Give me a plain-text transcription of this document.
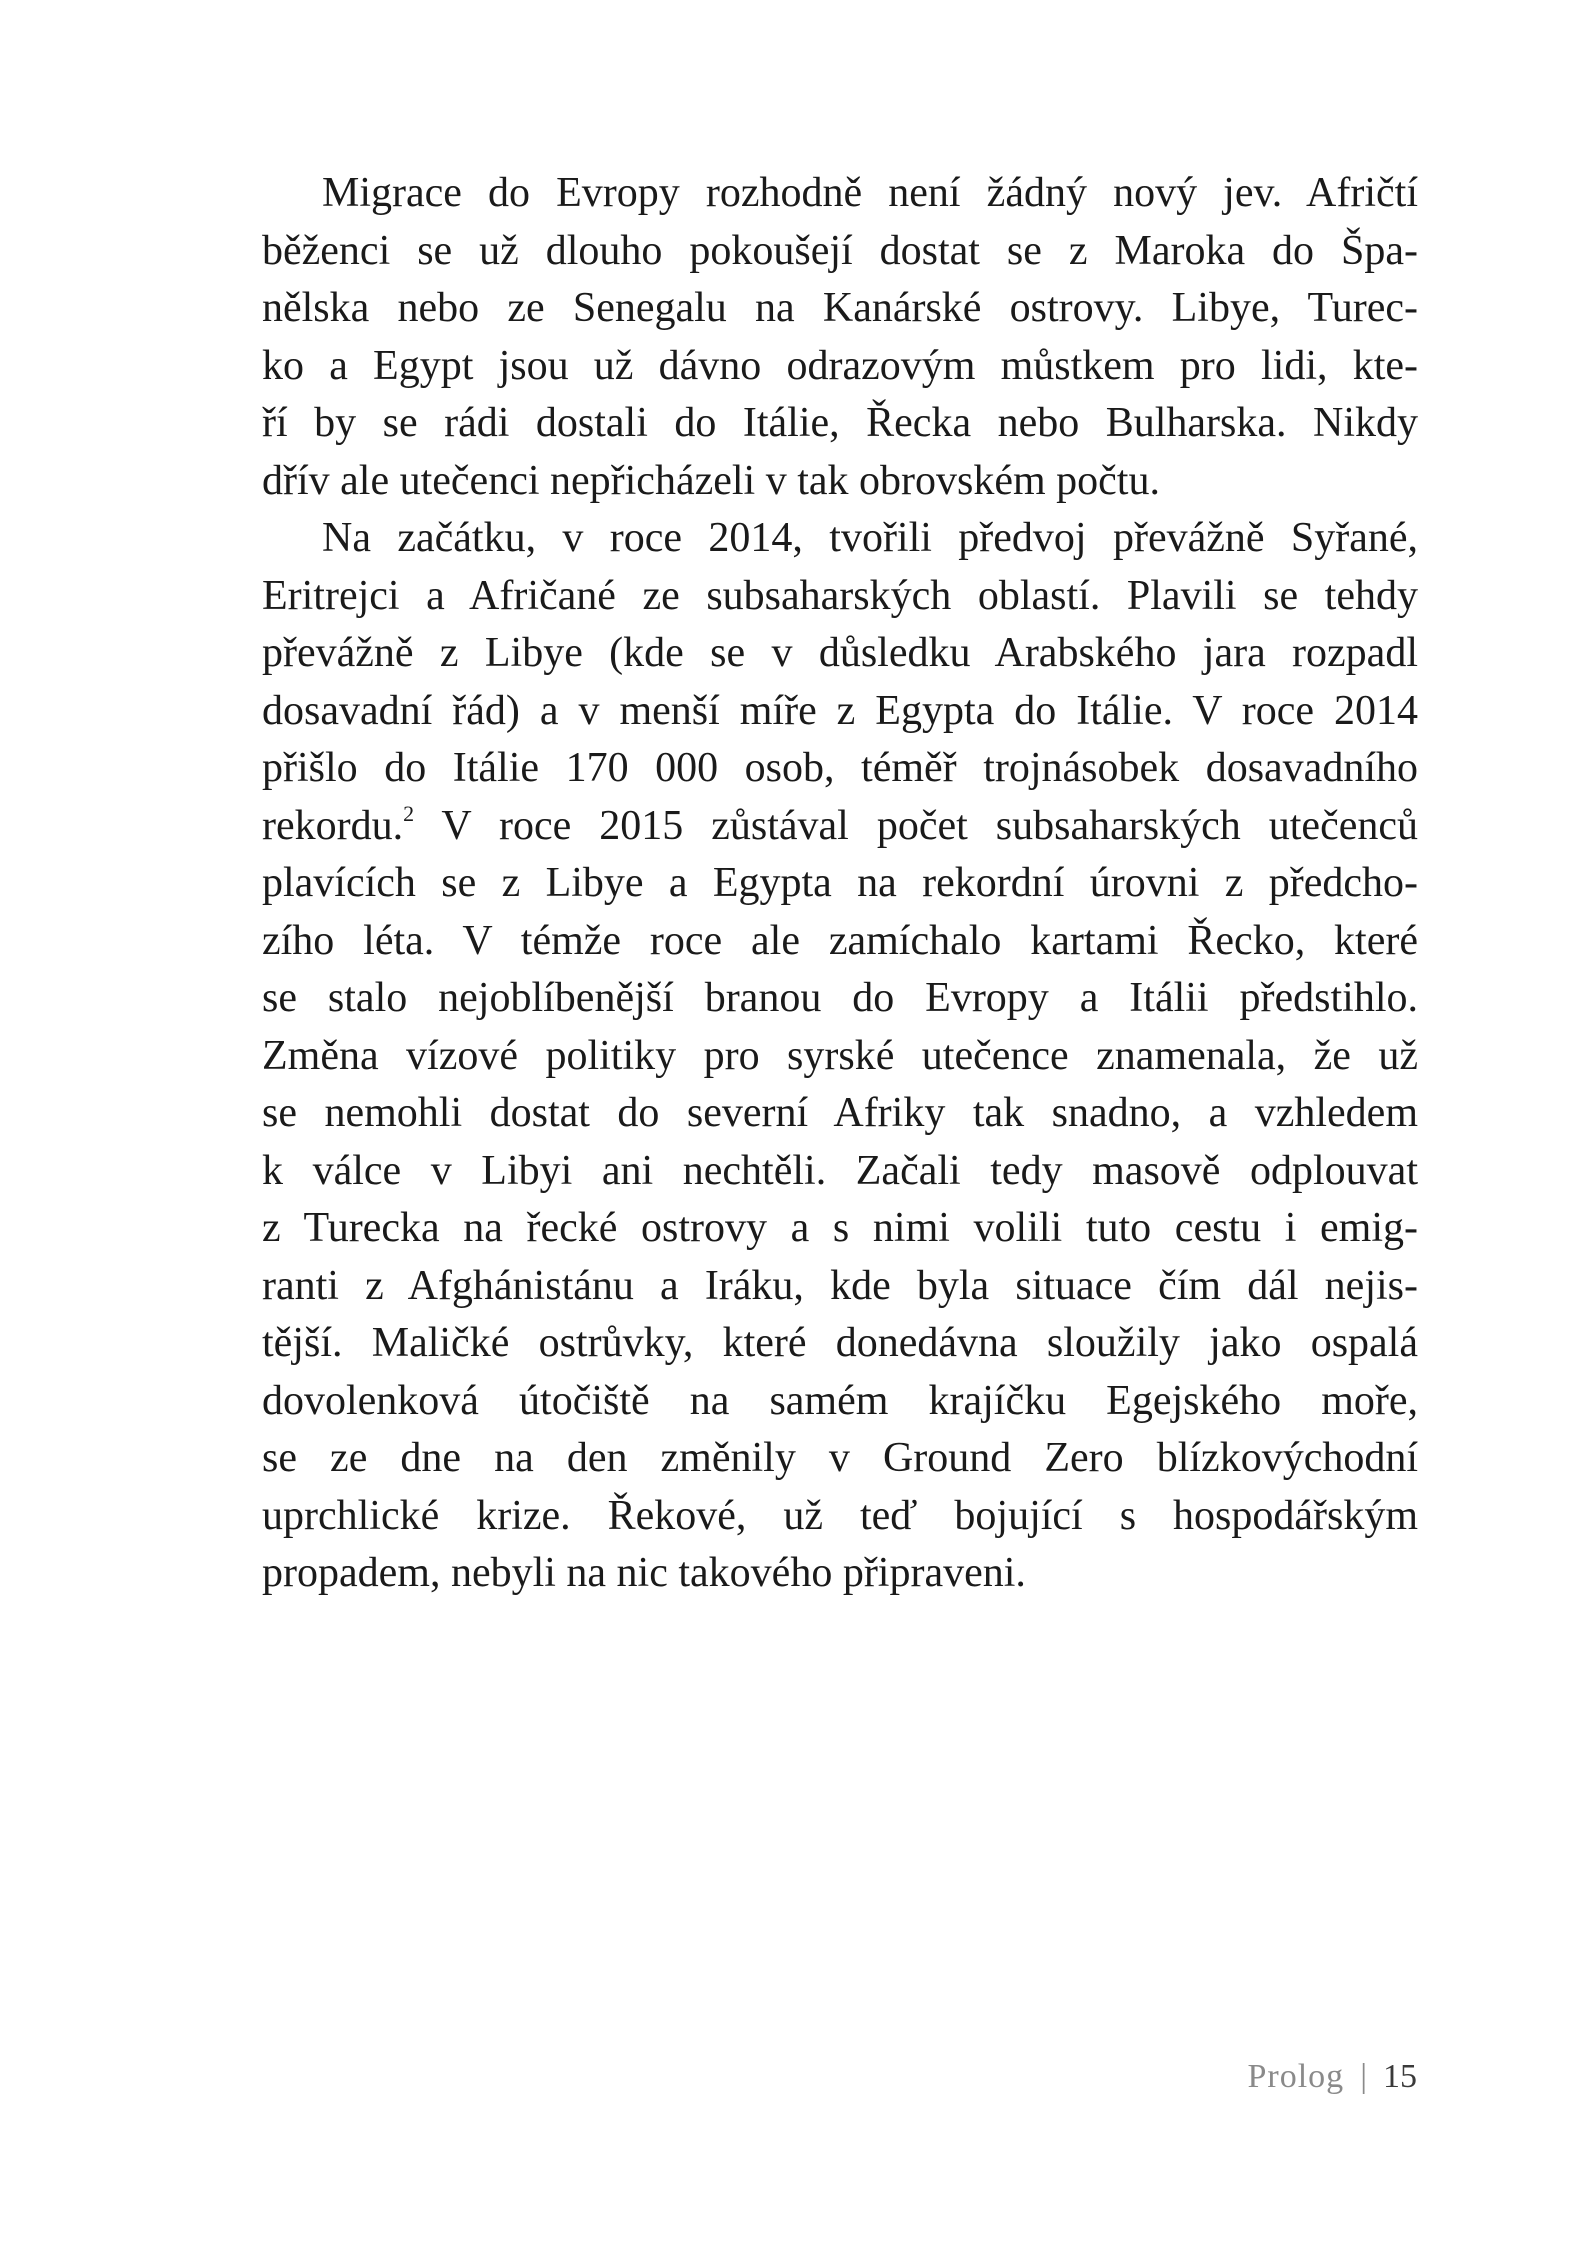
Migrace do Evropy rozhodně není žádný nový jev. Afričtí
běženci se už dlouho pokoušejí dostat se z Maroka do Špa-
nělska nebo ze Senegalu na Kanárské ostrovy. Libye, Turec-
ko a Egypt jsou už dávno odrazovým můstkem pro lidi, kte-
ří by se rádi dostali do Itálie, Řecka nebo Bulharska. Nikdy
dřív ale utečenci nepřicházeli v tak obrovském počtu.
Na začátku, v roce 2014, tvořili předvoj převážně Syřané,
Eritrejci a Afričané ze subsaharských oblastí. Plavili se tehdy
převážně z Libye (kde se v důsledku Arabského jara rozpadl
dosavadní řád) a v menší míře z Egypta do Itálie. V roce 2014
přišlo do Itálie 170 000 osob, téměř trojnásobek dosavadního
rekordu.$^2$ V roce 2015 zůstával počet subsaharských utečenců
plavících se z Libye a Egypta na rekordní úrovni z předcho-
zího léta. V témže roce ale zamíchalo kartami Řecko, které
se stalo nejoblíbenější branou do Evropy a Itálii předstihlo.
Změna vízové politiky pro syrské utečence znamenala, že už
se nemohli dostat do severní Afriky tak snadno, a vzhledem
k válce v Libyi ani nechtěli. Začali tedy masově odplouvat
z Turecka na řecké ostrovy a s nimi volili tuto cestu i emig-
ranti z Afghánistánu a Iráku, kde byla situace čím dál nejis-
tější. Maličké ostrůvky, které donedávna sloužily jako ospalá
dovolenková útočiště na samém krajíčku Egejského moře,
se ze dne na den změnily v Ground Zero blízkovýchodní
uprchlické krize. Řekové, už teď bojující s hospodářským
propadem, nebyli na nic takového připraveni.
Prolog | 15
